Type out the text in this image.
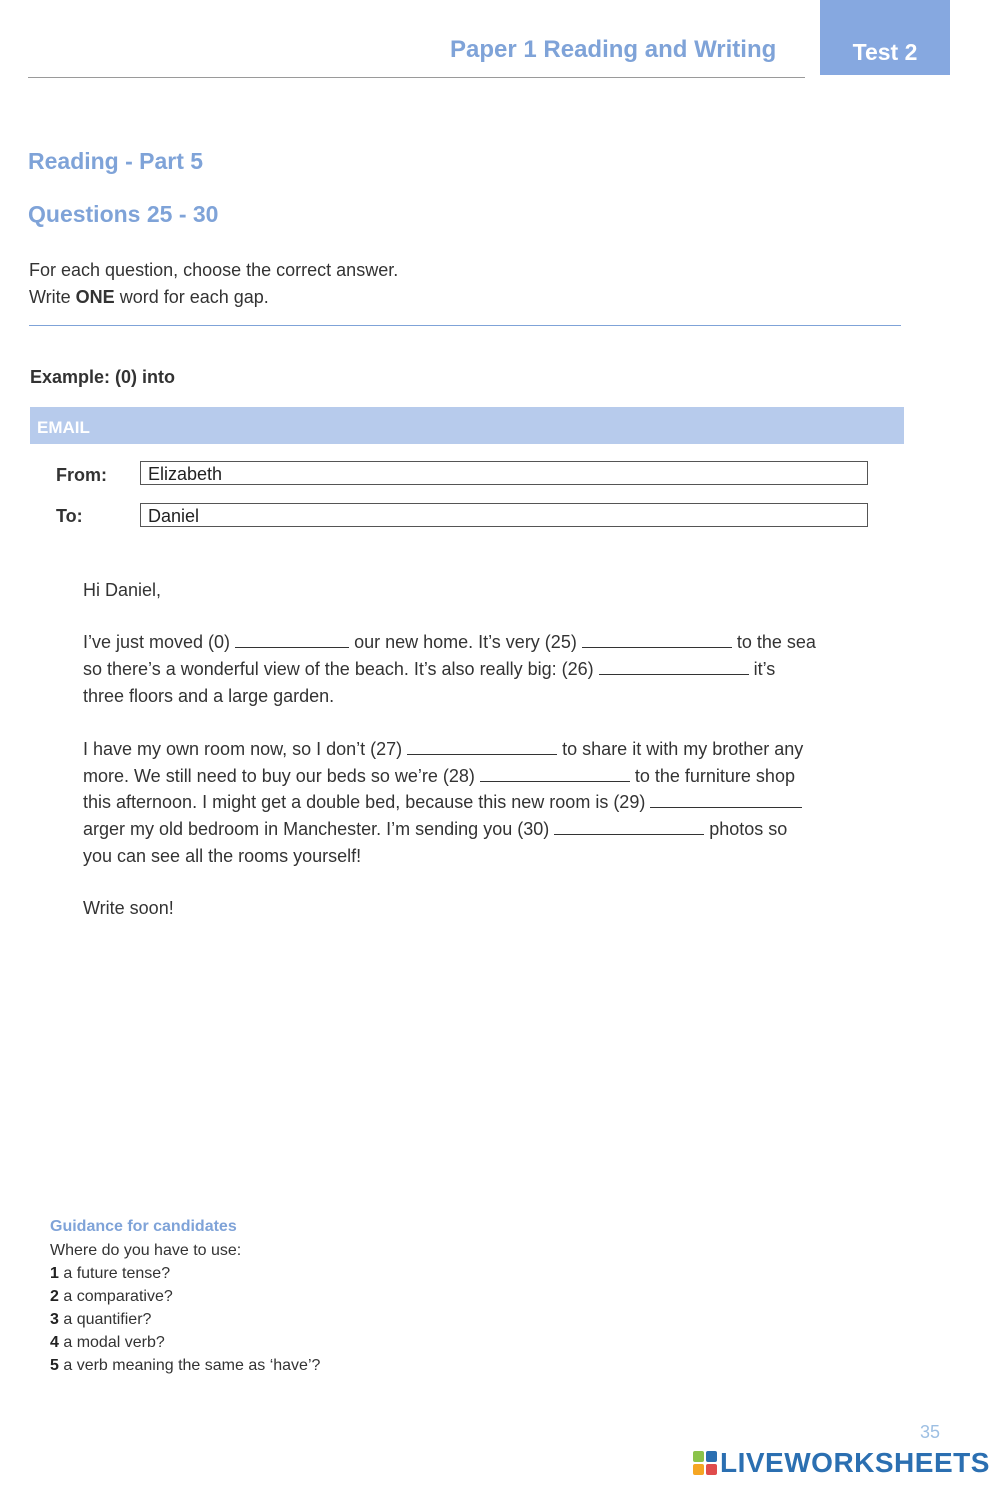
Paper 1 Reading and Writing	Test 2
Reading - Part 5
Questions 25 - 30
For each question, choose the correct answer.
Write ONE word for each gap.
Example: (0) into
EMAIL
From:	Elizabeth
To:	Daniel
Hi Daniel,
I’ve just moved (0)	our new home. It’s very (25)	to the sea
so there’s a wonderful view of the beach. It’s also really big: (26)	it’s
three floors and a large garden.
I have my own room now, so I don’t (27)	to share it with my brother any
more. We still need to buy our beds so we’re (28)	to the furniture shop
this afternoon. I might get a double bed, because this new room is (29)
arger my old bedroom in Manchester. I’m sending you (30)	photos so
you can see all the rooms yourself!
Write soon!
Guidance for candidates
Where do you have to use:
1 a future tense?
2 a comparative?
3 a quantifier?
4 a modal verb?
5 a verb meaning the same as ‘have’?
35
LIVEWORKSHEETS
